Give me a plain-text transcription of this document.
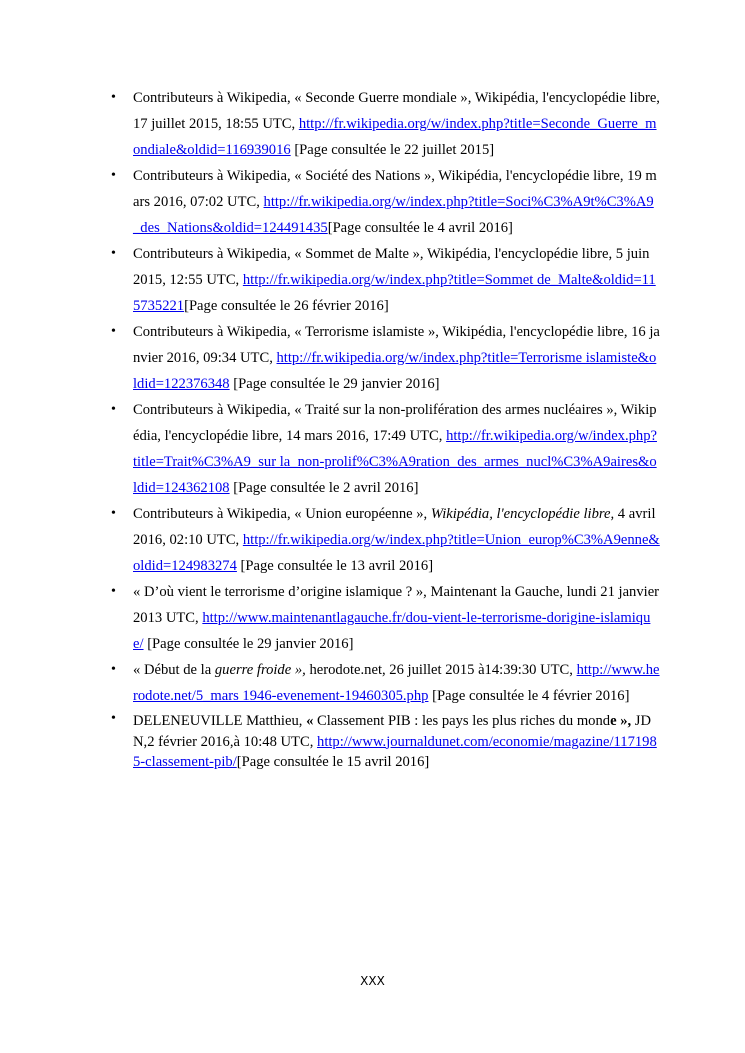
• Contributeurs à Wikipedia, « Seconde Guerre mondiale », Wikipédia, l'encyclopédie libre, 17 juillet 2015, 18:55 UTC, http://fr.wikipedia.org/w/index.php?title=Seconde_Guerre_mondiale&oldid=116939016 [Page consultée le 22 juillet 2015]
• Contributeurs à Wikipedia, « Société des Nations », Wikipédia, l'encyclopédie libre, 19 mars 2016, 07:02 UTC, http://fr.wikipedia.org/w/index.php?title=Soci%C3%A9t%C3%A9_des_Nations&oldid=124491435[Page consultée le 4 avril 2016]
• Contributeurs à Wikipedia, « Sommet de Malte », Wikipédia, l'encyclopédie libre, 5 juin 2015, 12:55 UTC, http://fr.wikipedia.org/w/index.php?title=Sommet de_Malte&oldid=115735221[Page consultée le 26 février 2016]
• Contributeurs à Wikipedia, « Terrorisme islamiste », Wikipédia, l'encyclopédie libre, 16 janvier 2016, 09:34 UTC, http://fr.wikipedia.org/w/index.php?title=Terrorisme islamiste&oldid=122376348 [Page consultée le 29 janvier 2016]
• Contributeurs à Wikipedia, « Traité sur la non-prolifération des armes nucléaires », Wikipédia, l'encyclopédie libre, 14 mars 2016, 17:49 UTC, http://fr.wikipedia.org/w/index.php?title=Trait%C3%A9_sur la_non-prolif%C3%A9ration_des_armes_nucl%C3%A9aires&oldid=124362108 [Page consultée le 2 avril 2016]
• Contributeurs à Wikipedia, « Union européenne », Wikipédia, l'encyclopédie libre, 4 avril 2016, 02:10 UTC, http://fr.wikipedia.org/w/index.php?title=Union_europ%C3%A9enne&oldid=124983274 [Page consultée le 13 avril 2016]
• « D’où vient le terrorisme d’origine islamique ? », Maintenant la Gauche, lundi 21 janvier 2013 UTC, http://www.maintenantlagauche.fr/dou-vient-le-terrorisme-dorigine-islamique/ [Page consultée le 29 janvier 2016]
• « Début de la guerre froide », herodote.net, 26 juillet 2015 à14:39:30 UTC, http://www.herodote.net/5_mars 1946-evenement-19460305.php [Page consultée le 4 février 2016]
• DELENEUVILLE Matthieu, « Classement PIB : les pays les plus riches du monde », JDN,2 février 2016,à 10:48 UTC, http://www.journaldunet.com/economie/magazine/1171985-classement-pib/[Page consultée le 15 avril 2016]
XXX
